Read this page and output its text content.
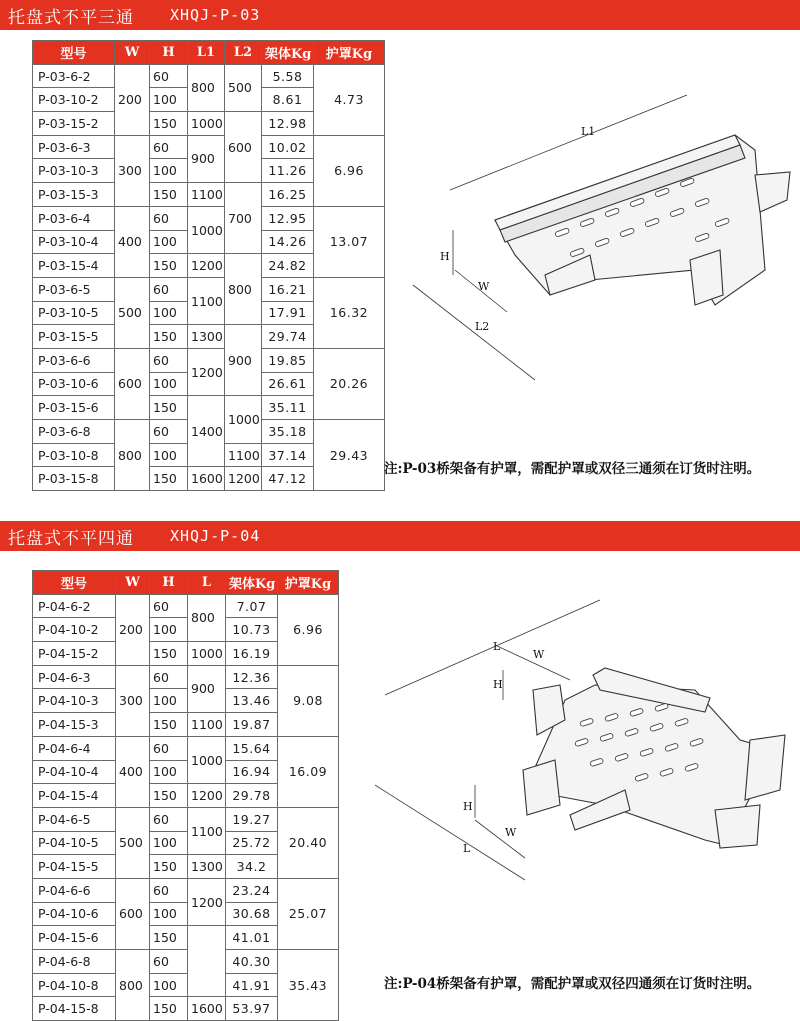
托盘式不平三通 XHQJ-P-03
型号	W	H	L1	L2	架体Kg	护罩Kg
P-03-6-2	200	60	800	500	5.58	4.73
P-03-10-2		100			8.61	
P-03-15-2		150	1000	600	12.98	
P-03-6-3	300	60	900		10.02	6.96
P-03-10-3		100			11.26	
P-03-15-3		150	1100	700	16.25	
P-03-6-4	400	60	1000		12.95	13.07
P-03-10-4		100			14.26	
P-03-15-4		150	1200	800	24.82	
P-03-6-5	500	60	1100		16.21	16.32
P-03-10-5		100			17.91	
P-03-15-5		150	1300	900	29.74	
P-03-6-6	600	60	1200		19.85	20.26
P-03-10-6		100			26.61	
P-03-15-6		150	1400	1000	35.11	
P-03-6-8	800	60			35.18	29.43
P-03-10-8		100		1100	37.14	
P-03-15-8		150	1600	1200	47.12	
L1
H
W
L2
注:P-03桥架备有护罩，需配护罩或双径三通须在订货时注明。
托盘式不平四通 XHQJ-P-04
型号	W	H	L	架体Kg	护罩Kg
P-04-6-2	200	60	800	7.07	6.96
P-04-10-2		100		10.73	
P-04-15-2		150	1000	16.19	
P-04-6-3	300	60	900	12.36	9.08
P-04-10-3		100		13.46	
P-04-15-3		150	1100	19.87	
P-04-6-4	400	60	1000	15.64	16.09
P-04-10-4		100		16.94	
P-04-15-4		150	1200	29.78	
P-04-6-5	500	60	1100	19.27	20.40
P-04-10-5		100		25.72	
P-04-15-5		150	1300	34.2	
P-04-6-6	600	60	1200	23.24	25.07
P-04-10-6		100		30.68	
P-04-15-6		150		41.01	
P-04-6-8	800	60		40.30	35.43
P-04-10-8		100		41.91	
P-04-15-8		150	1600	53.97	
L
W
H
H
W
L
注:P-04桥架备有护罩，需配护罩或双径四通须在订货时注明。
